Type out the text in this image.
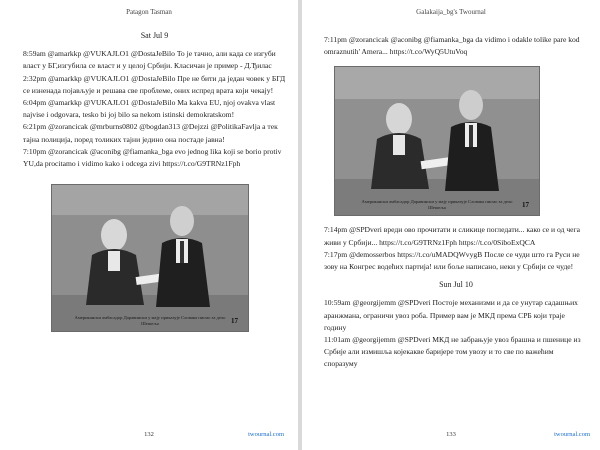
Patagon Tasman
Sat Jul 9

8:59am @amarkkp @VUKAJLO1 @DostaJeBilo То је тачно, али када се изгуби власт у БГ,изгубила се власт и у целој Србији. Класичан је пример - Д.Ђилас

2:32pm @amarkkp @VUKAJLO1 @DostaJeBilo Пре не бити да један човек у БГД се изненада појављује и решава све проблеме, оних испред врата који чекају!

6:04pm @amarkkp @VUKAJLO1 @DostaJeBilo Ma kakva EU, njoj ovakva vlast najvise i odgovara, tesko bi joj bilo sa nekom istinski demokratskom!

6:21pm @zorancicak @mrburns0802 @bogdan313 @Dejzzi @PolitikaFavlja a тек тајна полиција, поред толиких тајни једино она постаде јавна!

7:10pm @zorancicak @aconibg @fiamanka_bga evo jednog lika koji se borio protiv YU,da procitamo i vidimo kako i odcega zivi https://t.co/G9TRNz1Fph

Американски амбасадор Даравински у мају приказује Словака писмо за дело Шешеља	17
132	twournal.com
Galakaija_bg's Twournal

7:11pm @zorancicak @aconibg @fiamanka_bga da vidimo i odakle tolike pare kod omraznutih' Amera... https://t.co/WyQ5UtuVoq

Американски амбасадор Даравински у мају приказује Словака писмо за дело Шешеља	17

7:14pm @SPDveri вреди ово прочитати и сликице погледати... како се и од чега живи у Србији... https://t.co/G9TRNz1Fph https://t.co/0SiboExQCA

7:17pm @demosserbos https://t.co/uMADQWvygB После се чуди што га Руси не зову на Конгрес водећих партија! или боље написано, неки у Србији се чуде!

Sun Jul 10

10:59am @georgijemm @SPDveri Постоје механизми и да се унутар садашњих аранжмана, ограничи увоз роба. Пример вам је МКД према СРБ који траје годину

11:01am @georgijemm @SPDveri МКД не забрањује увоз брашна и пшенице из Србије али измишља којекакве баријере том увозу и то све по важећим споразуму

133	twournal.com
